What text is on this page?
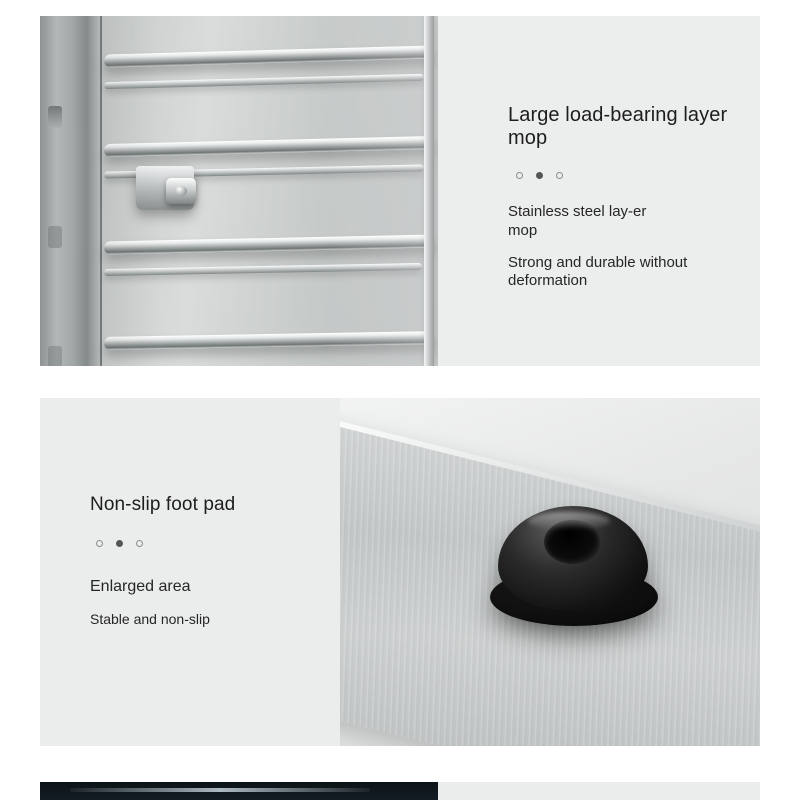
Large load-bearing layer mop
Stainless steel lay-er mop
Strong and durable without deformation
Non-slip foot pad
Enlarged area
Stable and non-slip
